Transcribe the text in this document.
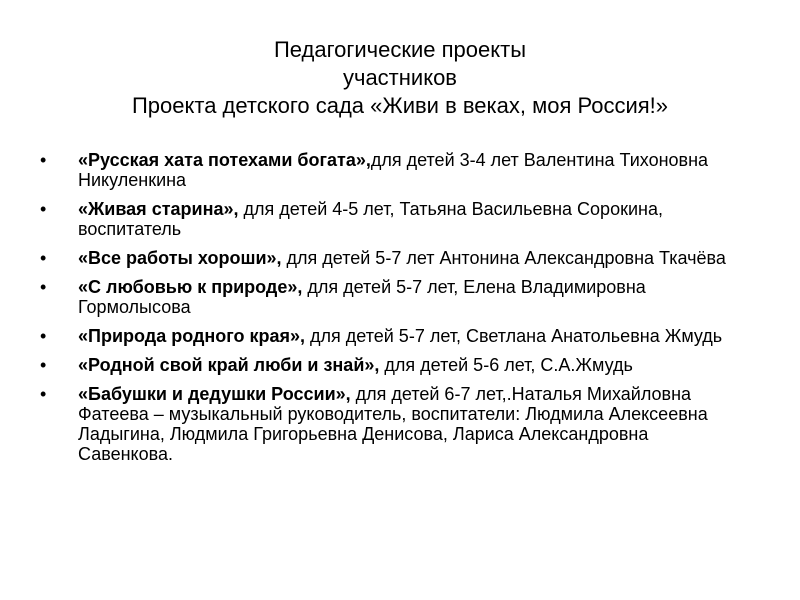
Педагогические проекты
участников
Проекта детского сада «Живи в веках, моя Россия!»
• «Русская хата потехами богата»,для детей 3-4 лет Валентина Тихоновна Никуленкина
• «Живая старина», для детей 4-5 лет, Татьяна Васильевна Сорокина, воспитатель
• «Все работы хороши», для детей 5-7 лет Антонина Александровна Ткачёва
• «С любовью к природе», для детей 5-7 лет, Елена Владимировна Гормолысова
• «Природа родного края», для детей 5-7 лет, Светлана Анатольевна Жмудь
• «Родной свой край люби и знай», для детей 5-6 лет, С.А.Жмудь
• «Бабушки и дедушки России», для детей 6-7 лет,.Наталья Михайловна Фатеева – музыкальный руководитель, воспитатели: Людмила Алексеевна Ладыгина, Людмила Григорьевна Денисова, Лариса Александровна Савенкова.
